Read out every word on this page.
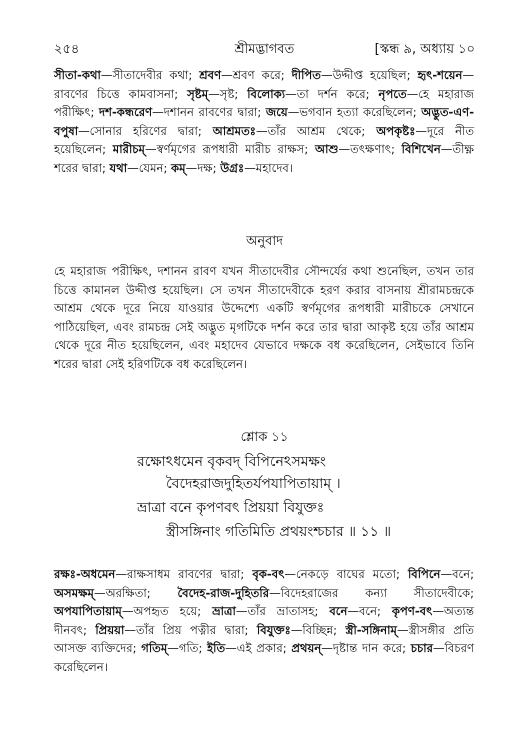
২৫৪	শ্রীমদ্ভাগবত	[স্কন্ধ ৯, অধ্যায় ১০
সীতা-কথা—সীতাদেবীর কথা; শ্রবণ—শ্রবণ করে; দীপিত—উদ্দীপ্ত হয়েছিল; হৃৎ-শয়েন—রাবণের চিত্তে কামবাসনা; সৃষ্টম্—সৃষ্ট; বিলোক্য—তা দর্শন করে; নৃপতে—হে মহারাজ পরীক্ষিৎ; দশ-কন্ধরেণ—দশানন রাবণের দ্বারা; জয়ে—ভগবান হত্যা করেছিলেন; অদ্ভুত-এণ-বপুষা—সোনার হরিণের দ্বারা; আশ্রমতঃ—তাঁর আশ্রম থেকে; অপকৃষ্টঃ—দূরে নীত হয়েছিলেন; মারীচম্—স্বর্ণমৃগের রূপধারী মারীচ রাক্ষস; আশু—তৎক্ষণাৎ; বিশিখেন—তীক্ষ্ণ শরের দ্বারা; যথা—যেমন; কম্—দক্ষ; উগ্রঃ—মহাদেব।
অনুবাদ
হে মহারাজ পরীক্ষিৎ, দশানন রাবণ যখন সীতাদেবীর সৌন্দর্যের কথা শুনেছিল, তখন তার চিত্তে কামানল উদ্দীপ্ত হয়েছিল। সে তখন সীতাদেবীকে হরণ করার বাসনায় শ্রীরামচন্দ্রকে আশ্রম থেকে দূরে নিয়ে যাওয়ার উদ্দেশ্যে একটি স্বর্ণমৃগের রূপধারী মারীচকে সেখানে পাঠিয়েছিল, এবং রামচন্দ্র সেই অদ্ভুত মৃগটিকে দর্শন করে তার দ্বারা আকৃষ্ট হয়ে তাঁর আশ্রম থেকে দূরে নীত হয়েছিলেন, এবং মহাদেব যেভাবে দক্ষকে বধ করেছিলেন, সেইভাবে তিনি শরের দ্বারা সেই হরিণটিকে বধ করেছিলেন।
শ্লোক ১১
রক্ষোঽধমেন বৃকবদ্ বিপিনেঽসমক্ষং
বৈদেহরাজদুহিতর্যপযাপিতায়াম্ ।
ভ্রাত্রা বনে কৃপণবৎ প্রিয়য়া বিযুক্তঃ
স্ত্রীসঙ্গিনাং গতিমিতি প্রথয়ংশ্চচার ॥ ১১ ॥
রক্ষঃ-অধমেন—রাক্ষসাধম রাবণের দ্বারা; বৃক-বৎ—নেকড়ে বাঘের মতো; বিপিনে—বনে; অসমক্ষম্—অরক্ষিতা; বৈদেহ-রাজ-দুহিতরি—বিদেহরাজের কন্যা সীতাদেবীকে; অপযাপিতায়াম্—অপহৃত হয়ে; ভ্রাত্রা—তাঁর ভ্রাতাসহ; বনে—বনে; কৃপণ-বৎ—অত্যন্ত দীনবৎ; প্রিয়য়া—তাঁর প্রিয় পত্নীর দ্বারা; বিযুক্তঃ—বিচ্ছিন্ন; স্ত্রী-সঙ্গিনাম্—স্ত্রীসঙ্গীর প্রতি আসক্ত ব্যক্তিদের; গতিম্—গতি; ইতি—এই প্রকার; প্রথয়ন্—দৃষ্টান্ত দান করে; চচার—বিচরণ করেছিলেন।
